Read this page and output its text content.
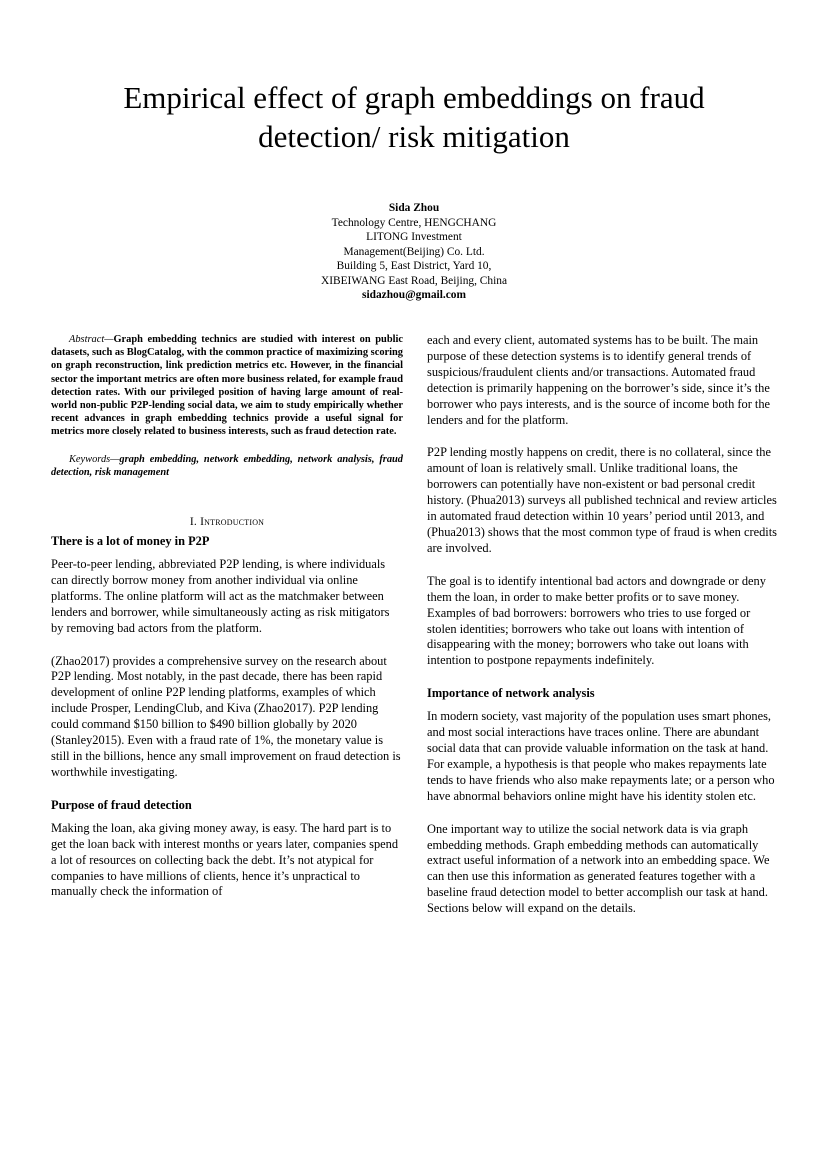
Empirical effect of graph embeddings on fraud
detection/ risk mitigation
Sida Zhou
Technology Centre, HENGCHANG
LITONG Investment
Management(Beijing) Co. Ltd.
Building 5, East District, Yard 10,
XIBEIWANG East Road, Beijing, China
sidazhou@gmail.com

Abstract—Graph embedding technics are studied with interest on public datasets, such as BlogCatalog, with the common practice of maximizing scoring on graph reconstruction, link prediction metrics etc. However, in the financial sector the important metrics are often more business related, for example fraud detection rates. With our privileged position of having large amount of real-world non-public P2P-lending social data, we aim to study empirically whether recent advances in graph embedding technics provide a useful signal for metrics more closely related to business interests, such as fraud detection rate.

Keywords—graph embedding, network embedding, network analysis, fraud detection, risk management

I. Introduction
There is a lot of money in P2P

Peer-to-peer lending, abbreviated P2P lending, is where individuals can directly borrow money from another individual via online platforms. The online platform will act as the matchmaker between lenders and borrower, while simultaneously acting as risk mitigators by removing bad actors from the platform.

(Zhao2017) provides a comprehensive survey on the research about P2P lending. Most notably, in the past decade, there has been rapid development of online P2P lending platforms, examples of which include Prosper, LendingClub, and Kiva (Zhao2017). P2P lending could command $150 billion to $490 billion globally by 2020 (Stanley2015). Even with a fraud rate of 1%, the monetary value is still in the billions, hence any small improvement on fraud detection is worthwhile investigating.

Purpose of fraud detection

Making the loan, aka giving money away, is easy. The hard part is to get the loan back with interest months or years later, companies spend a lot of resources on collecting back the debt. It’s not atypical for companies to have millions of clients, hence it’s unpractical to manually check the information of

each and every client, automated systems has to be built. The main purpose of these detection systems is to identify general trends of suspicious/fraudulent clients and/or transactions. Automated fraud detection is primarily happening on the borrower’s side, since it’s the borrower who pays interests, and is the source of income both for the lenders and for the platform.

P2P lending mostly happens on credit, there is no collateral, since the amount of loan is relatively small. Unlike traditional loans, the borrowers can potentially have non-existent or bad personal credit history. (Phua2013) surveys all published technical and review articles in automated fraud detection within 10 years’ period until 2013, and (Phua2013) shows that the most common type of fraud is when credits are involved.

The goal is to identify intentional bad actors and downgrade or deny them the loan, in order to make better profits or to save money. Examples of bad borrowers: borrowers who tries to use forged or stolen identities; borrowers who take out loans with intention of disappearing with the money; borrowers who take out loans with intention to postpone repayments indefinitely.

Importance of network analysis

In modern society, vast majority of the population uses smart phones, and most social interactions have traces online. There are abundant social data that can provide valuable information on the task at hand. For example, a hypothesis is that people who makes repayments late tends to have friends who also make repayments late; or a person who have abnormal behaviors online might have his identity stolen etc.

One important way to utilize the social network data is via graph embedding methods. Graph embedding methods can automatically extract useful information of a network into an embedding space. We can then use this information as generated features together with a baseline fraud detection model to better accomplish our task at hand. Sections below will expand on the details.
